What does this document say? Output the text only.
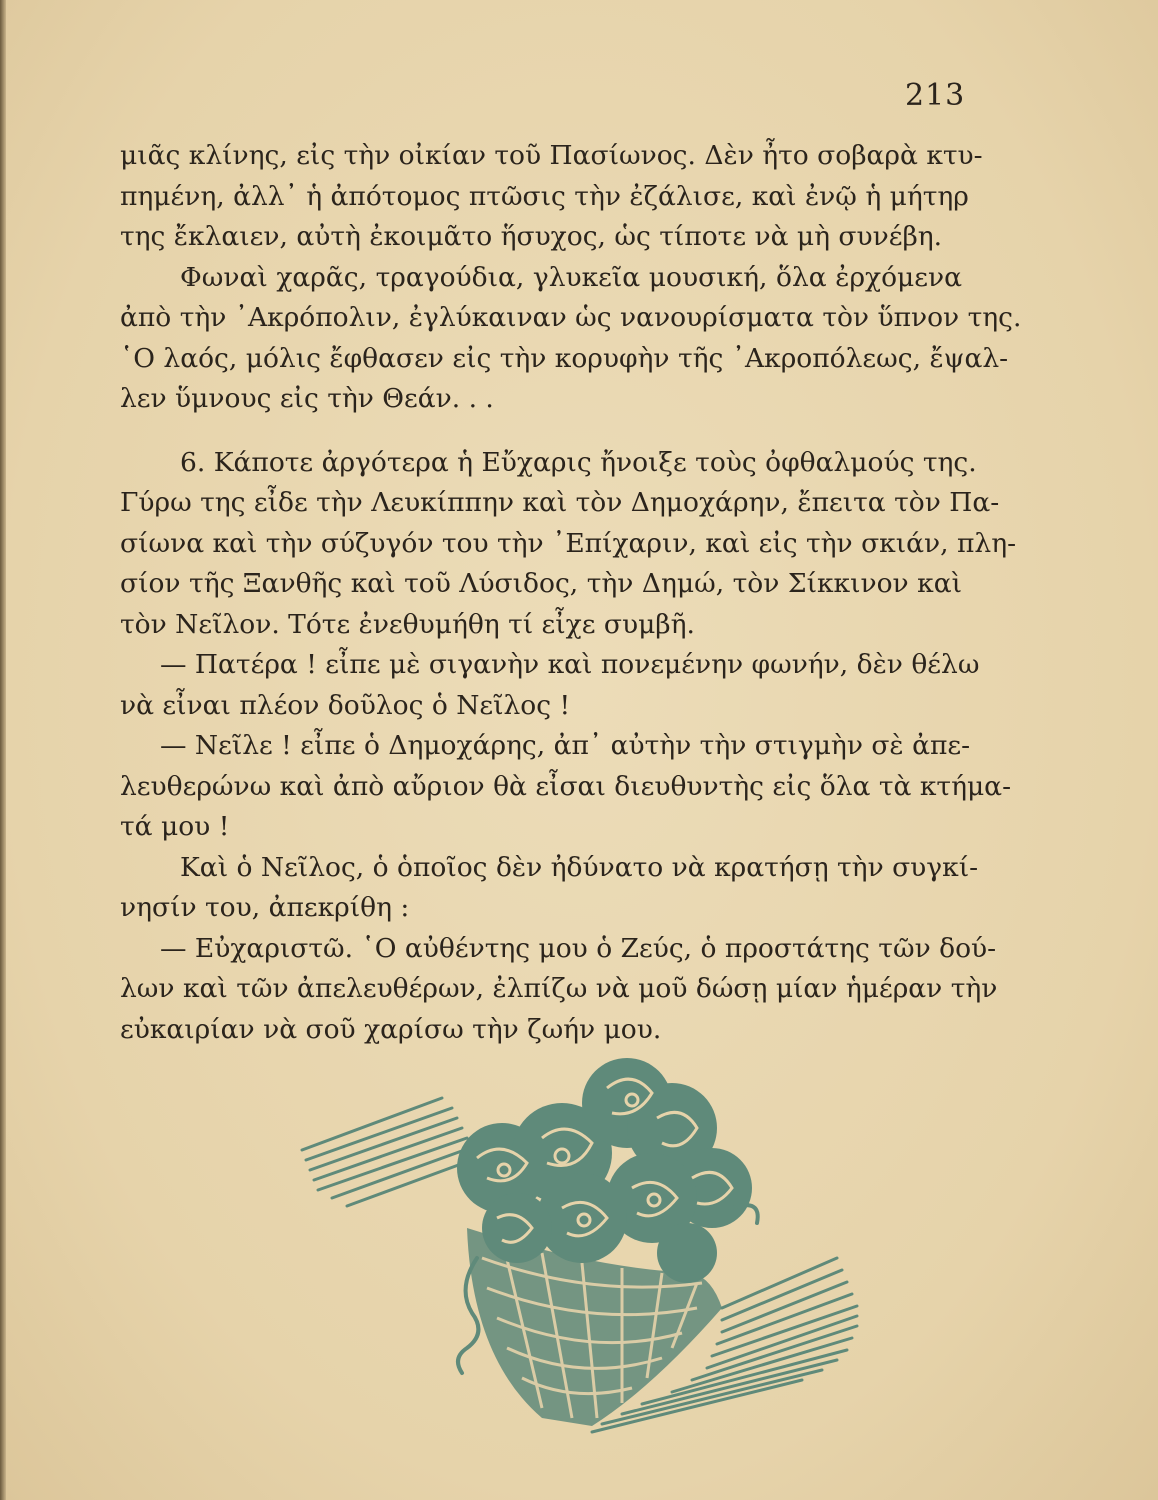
213
μιᾶς κλίνης, εἰς τὴν οἰκίαν τοῦ Πασίωνος. Δὲν ἦτο σοβαρὰ κτυ-
πημένη, ἀλλ᾽ ἡ ἀπότομος πτῶσις τὴν ἐζάλισε, καὶ ἐνῷ ἡ μήτηρ
της ἔκλαιεν, αὐτὴ ἐκοιμᾶτο ἥσυχος, ὡς τίποτε νὰ μὴ συνέβη.
Φωναὶ χαρᾶς, τραγούδια, γλυκεῖα μουσική, ὅλα ἐρχόμενα
ἀπὸ τὴν ᾿Ακρόπολιν, ἐγλύκαιναν ὡς νανουρίσματα τὸν ὕπνον της.
῾Ο λαός, μόλις ἔφθασεν εἰς τὴν κορυφὴν τῆς ᾿Ακροπόλεως, ἔψαλ-
λεν ὕμνους εἰς τὴν Θεάν. . .
6. Κάποτε ἀργότερα ἡ Εὔχαρις ἤνοιξε τοὺς ὀφθαλμούς της.
Γύρω της εἶδε τὴν Λευκίππην καὶ τὸν Δημοχάρην, ἔπειτα τὸν Πα-
σίωνα καὶ τὴν σύζυγόν του τὴν ᾿Επίχαριν, καὶ εἰς τὴν σκιάν, πλη-
σίον τῆς Ξανθῆς καὶ τοῦ Λύσιδος, τὴν Δημώ, τὸν Σίκκινον καὶ
τὸν Νεῖλον. Τότε ἐνεθυμήθη τί εἶχε συμβῆ.
— Πατέρα ! εἶπε μὲ σιγανὴν καὶ πονεμένην φωνήν, δὲν θέλω
νὰ εἶναι πλέον δοῦλος ὁ Νεῖλος !
— Νεῖλε ! εἶπε ὁ Δημοχάρης, ἀπ᾽ αὐτὴν τὴν στιγμὴν σὲ ἀπε-
λευθερώνω καὶ ἀπὸ αὔριον θὰ εἶσαι διευθυντὴς εἰς ὅλα τὰ κτήμα-
τά μου !
Καὶ ὁ Νεῖλος, ὁ ὁποῖος δὲν ἠδύνατο νὰ κρατήσῃ τὴν συγκί-
νησίν του, ἀπεκρίθη :
— Εὐχαριστῶ. ῾Ο αὐθέντης μου ὁ Ζεύς, ὁ προστάτης τῶν δού-
λων καὶ τῶν ἀπελευθέρων, ἐλπίζω νὰ μοῦ δώσῃ μίαν ἡμέραν τὴν
εὐκαιρίαν νὰ σοῦ χαρίσω τὴν ζωήν μου.
